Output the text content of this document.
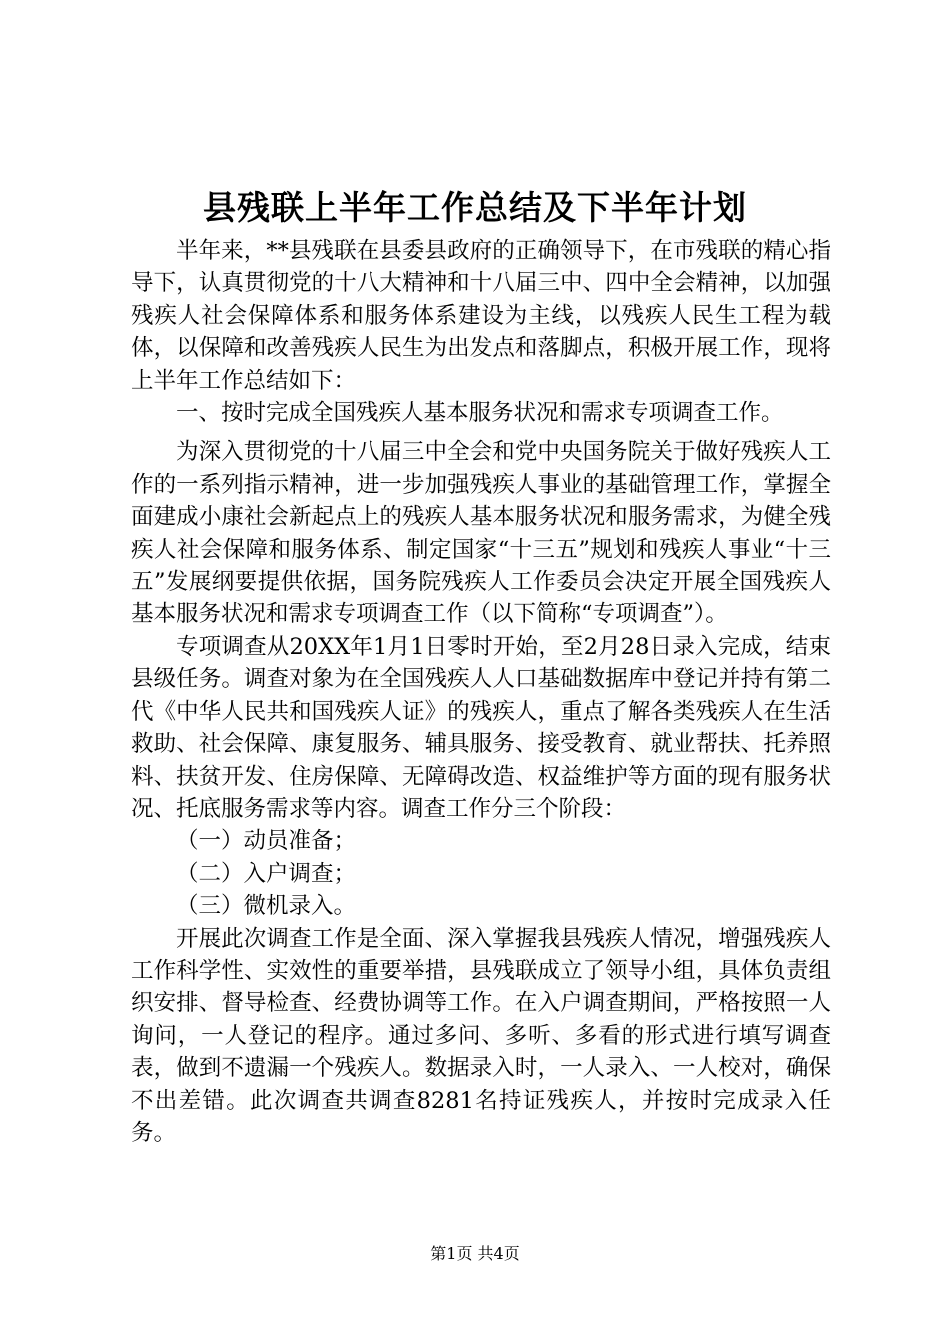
县残联上半年工作总结及下半年计划

半年来，**县残联在县委县政府的正确领导下，在市残联的精心指导下，认真贯彻党的十八大精神和十八届三中、四中全会精神，以加强残疾人社会保障体系和服务体系建设为主线，以残疾人民生工程为载体，以保障和改善残疾人民生为出发点和落脚点，积极开展工作，现将上半年工作总结如下：

一、按时完成全国残疾人基本服务状况和需求专项调查工作。

为深入贯彻党的十八届三中全会和党中央国务院关于做好残疾人工作的一系列指示精神，进一步加强残疾人事业的基础管理工作，掌握全面建成小康社会新起点上的残疾人基本服务状况和服务需求，为健全残疾人社会保障和服务体系、制定国家“十三五”规划和残疾人事业“十三五”发展纲要提供依据，国务院残疾人工作委员会决定开展全国残疾人基本服务状况和需求专项调查工作（以下简称“专项调查”）。

专项调查从20XX年1月1日零时开始，至2月28日录入完成，结束县级任务。调查对象为在全国残疾人人口基础数据库中登记并持有第二代《中华人民共和国残疾人证》的残疾人，重点了解各类残疾人在生活救助、社会保障、康复服务、辅具服务、接受教育、就业帮扶、托养照料、扶贫开发、住房保障、无障碍改造、权益维护等方面的现有服务状况、托底服务需求等内容。调查工作分三个阶段：

（一）动员准备；

（二）入户调查；

（三）微机录入。

开展此次调查工作是全面、深入掌握我县残疾人情况，增强残疾人工作科学性、实效性的重要举措，县残联成立了领导小组，具体负责组织安排、督导检查、经费协调等工作。在入户调查期间，严格按照一人询问，一人登记的程序。通过多问、多听、多看的形式进行填写调查表，做到不遗漏一个残疾人。数据录入时，一人录入、一人校对，确保不出差错。此次调查共调查8281名持证残疾人，并按时完成录入任务。

第1页 共4页
